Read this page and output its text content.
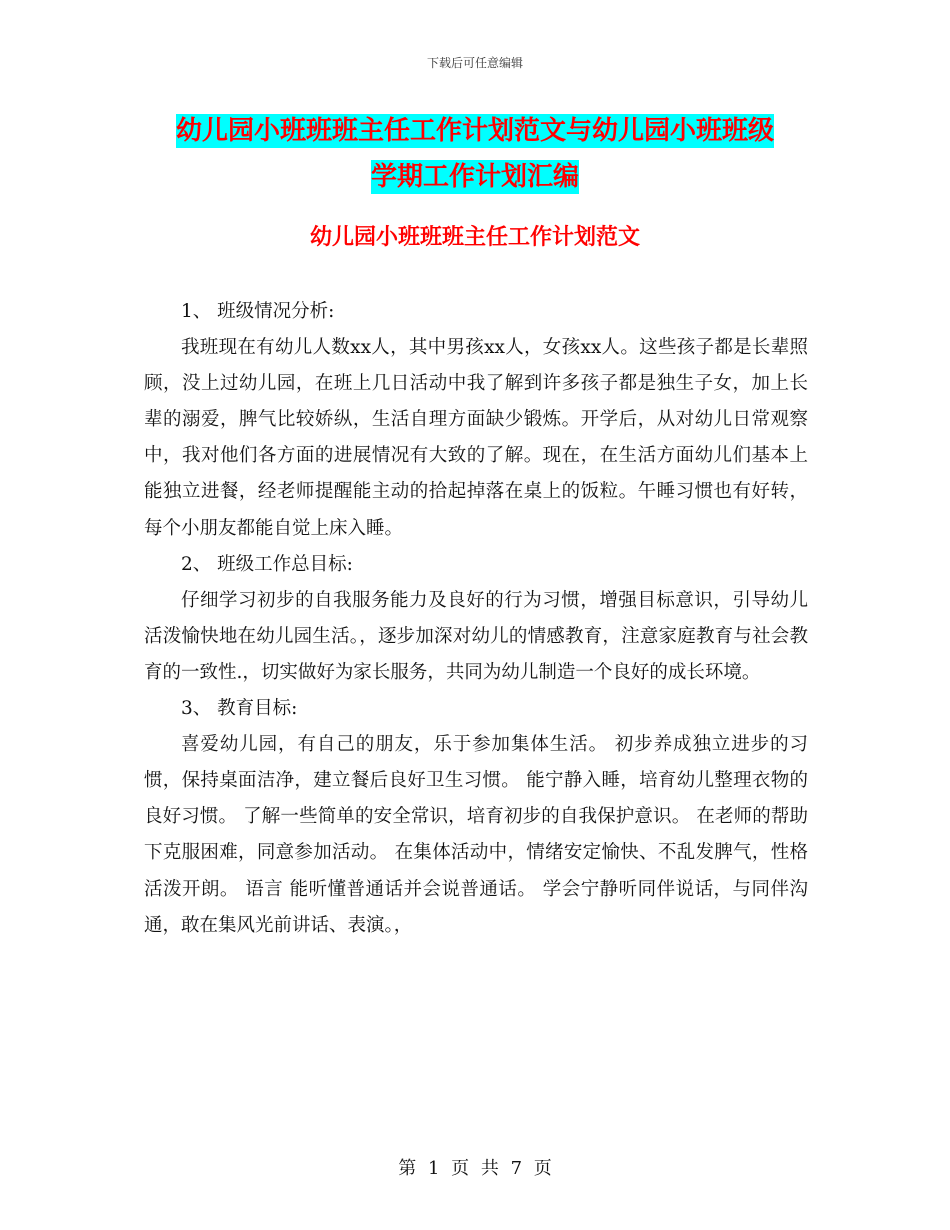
下载后可任意编辑
幼儿园小班班班主任工作计划范文与幼儿园小班班级
学期工作计划汇编
幼儿园小班班班主任工作计划范文

1、 班级情况分析:

我班现在有幼儿人数xx人，其中男孩xx人，女孩xx人。这些孩子都是长辈照顾，没上过幼儿园，在班上几日活动中我了解到许多孩子都是独生子女，加上长辈的溺爱，脾气比较娇纵，生活自理方面缺少锻炼。开学后，从对幼儿日常观察中，我对他们各方面的进展情况有大致的了解。现在，在生活方面幼儿们基本上能独立进餐，经老师提醒能主动的拾起掉落在桌上的饭粒。午睡习惯也有好转，每个小朋友都能自觉上床入睡。

2、 班级工作总目标:

仔细学习初步的自我服务能力及良好的行为习惯，增强目标意识，引导幼儿活泼愉快地在幼儿园生活。，逐步加深对幼儿的情感教育，注意家庭教育与社会教育的一致性.，切实做好为家长服务，共同为幼儿制造一个良好的成长环境。

3、 教育目标:

喜爱幼儿园，有自己的朋友，乐于参加集体生活。 初步养成独立进步的习惯，保持桌面洁净，建立餐后良好卫生习惯。 能宁静入睡，培育幼儿整理衣物的良好习惯。 了解一些简单的安全常识，培育初步的自我保护意识。 在老师的帮助下克服困难，同意参加活动。 在集体活动中，情绪安定愉快、不乱发脾气，性格活泼开朗。 语言 能听懂普通话并会说普通话。 学会宁静听同伴说话，与同伴沟通，敢在集风光前讲话、表演。，

第 1 页 共 7 页
